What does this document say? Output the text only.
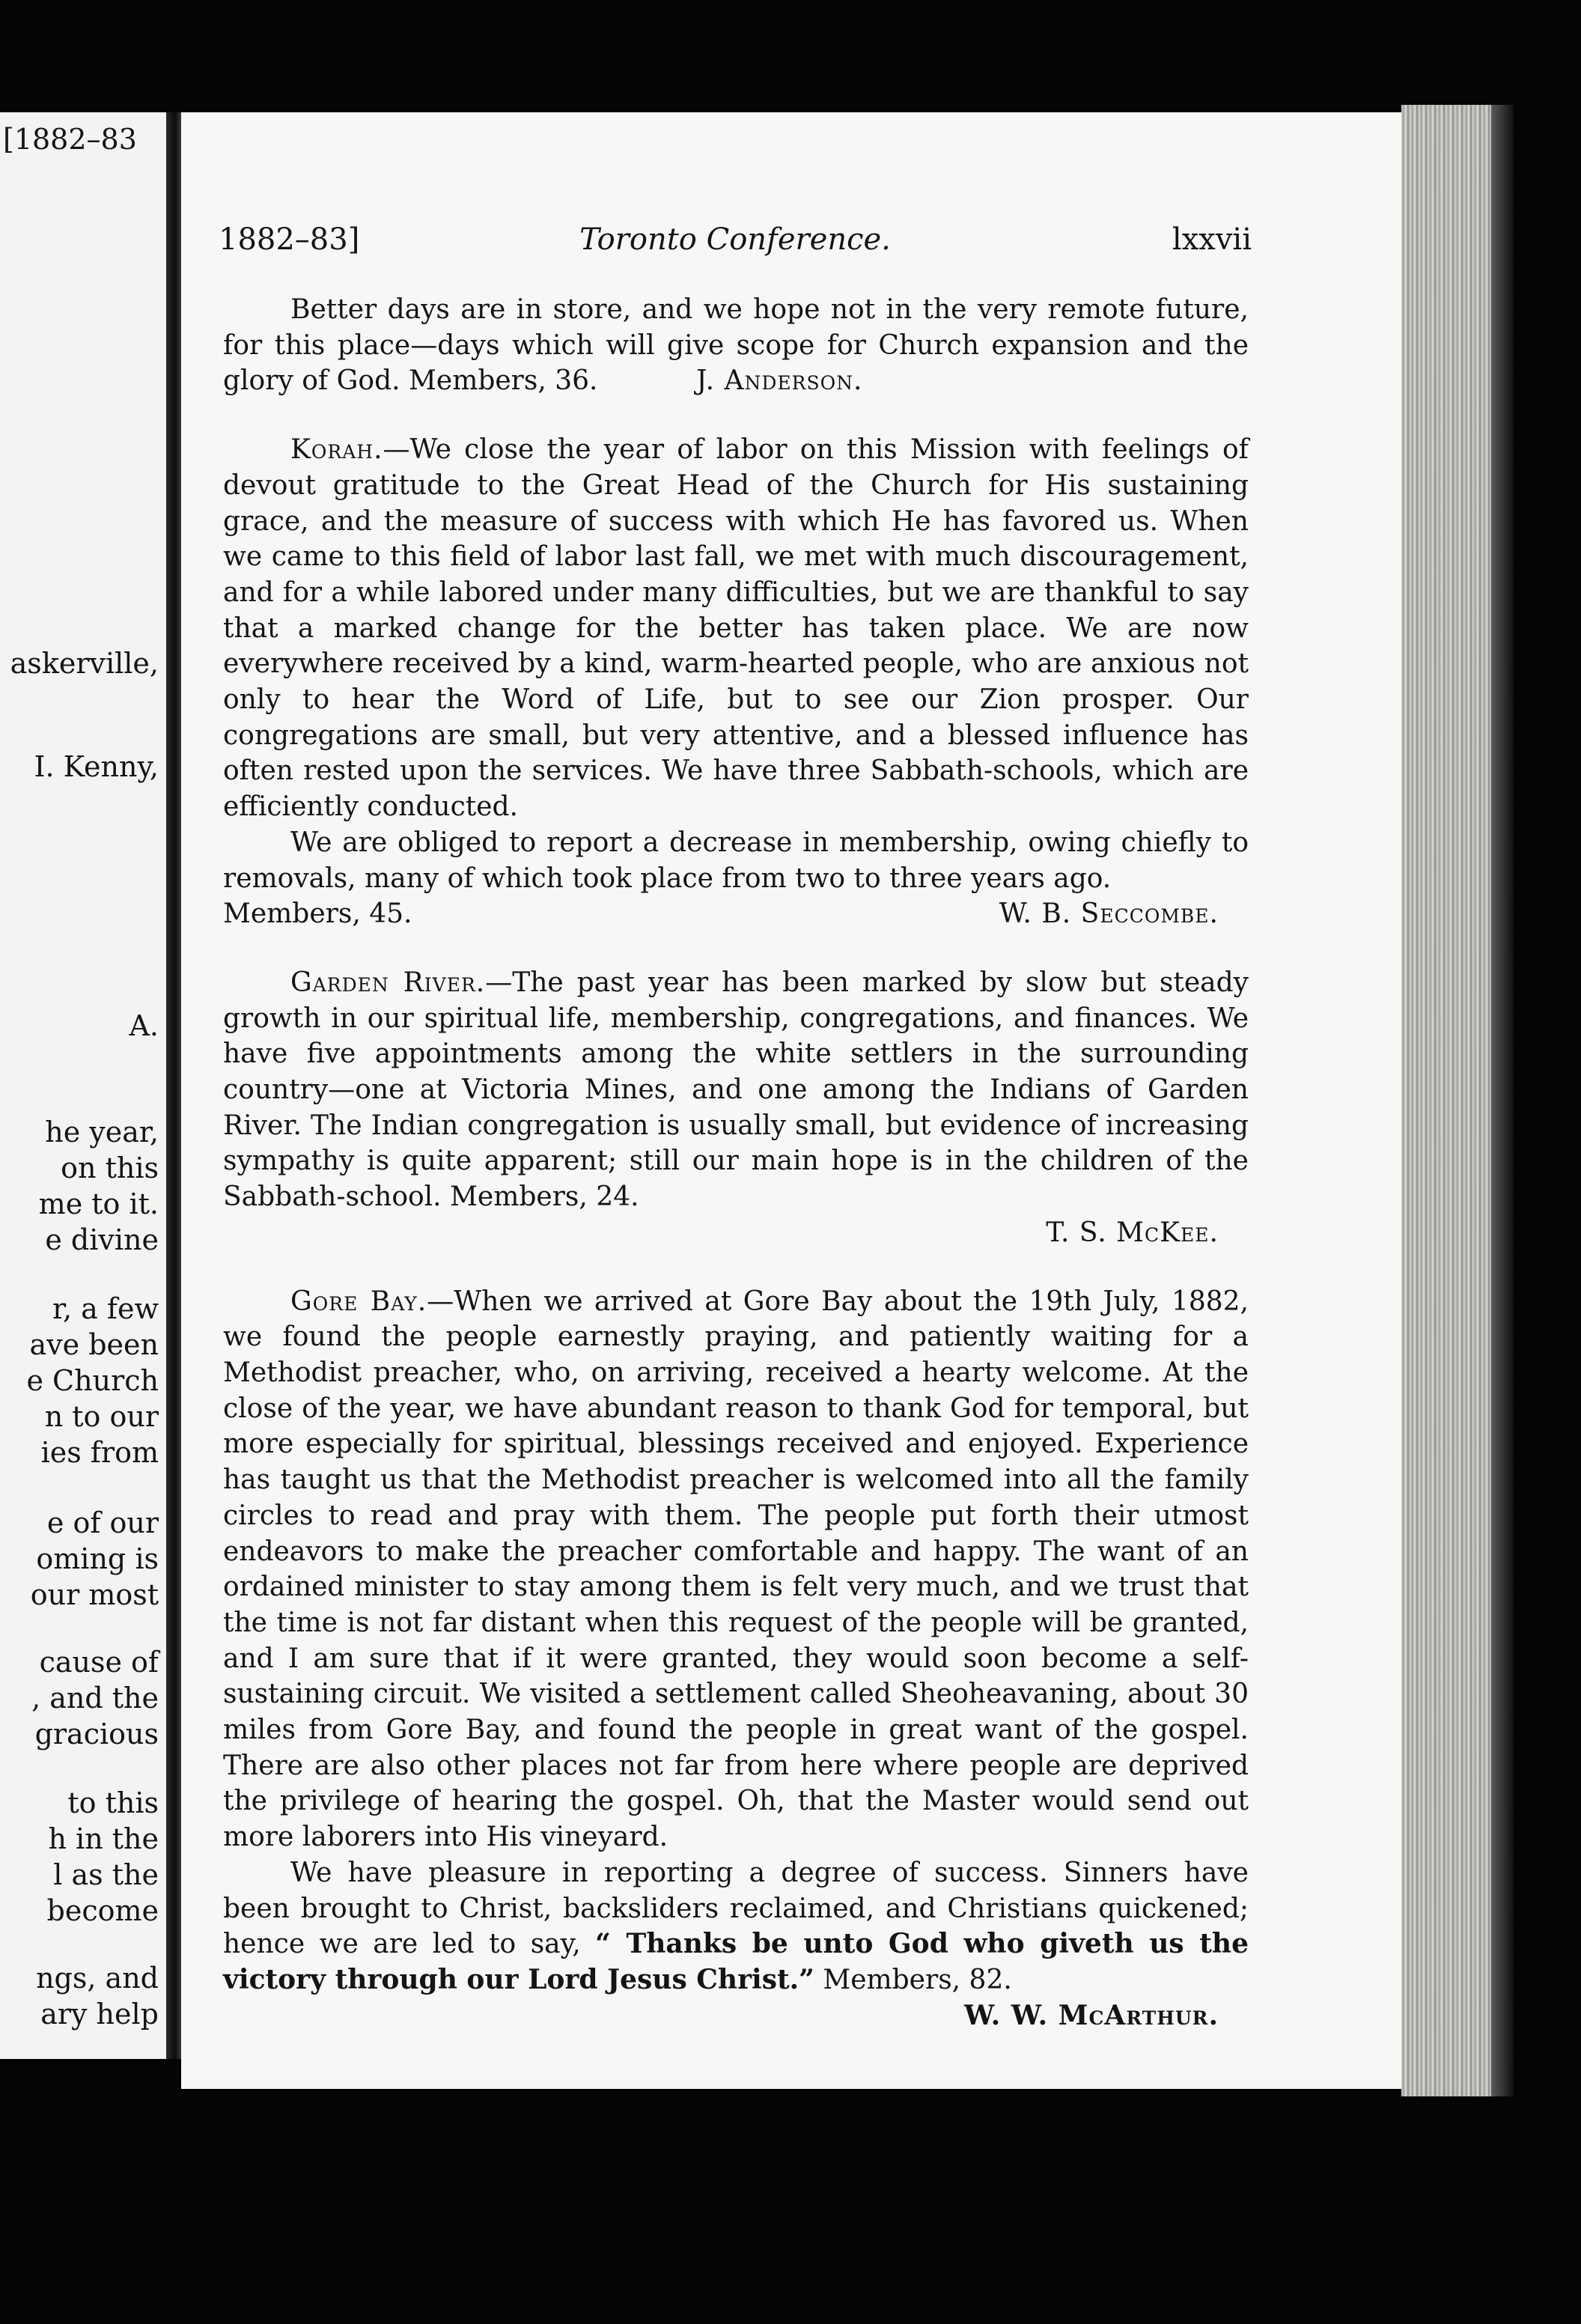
[1882–83
askerville,
I. Kenny,
A.
he year,
on this
me to it.
e divine
r, a few
ave been
e Church
n to our
ies from
e of our
oming is
our most
cause of
, and the
gracious
to this
h in the
l as the
become
ngs, and
ary help
1882–83]	Toronto Conference.	lxxvii

Better days are in store, and we hope not in the very remote future, for this place—days which will give scope for Church expansion and the glory of God. Members, 36.	J. Anderson.

Korah.—We close the year of labor on this Mission with feelings of devout gratitude to the Great Head of the Church for His sustaining grace, and the measure of success with which He has favored us. When we came to this field of labor last fall, we met with much discouragement, and for a while labored under many difficulties, but we are thankful to say that a marked change for the better has taken place. We are now everywhere received by a kind, warm-hearted people, who are anxious not only to hear the Word of Life, but to see our Zion prosper. Our congregations are small, but very attentive, and a blessed influence has often rested upon the services. We have three Sabbath-schools, which are efficiently conducted.

We are obliged to report a decrease in membership, owing chiefly to removals, many of which took place from two to three years ago.

Members, 45.	W. B. Seccombe.

Garden River.—The past year has been marked by slow but steady growth in our spiritual life, membership, congregations, and finances. We have five appointments among the white settlers in the surrounding country—one at Victoria Mines, and one among the Indians of Garden River. The Indian congregation is usually small, but evidence of increasing sympathy is quite apparent; still our main hope is in the children of the Sabbath-school. Members, 24.

T. S. McKee.

Gore Bay.—When we arrived at Gore Bay about the 19th July, 1882, we found the people earnestly praying, and patiently waiting for a Methodist preacher, who, on arriving, received a hearty welcome. At the close of the year, we have abundant reason to thank God for temporal, but more especially for spiritual, blessings received and enjoyed. Experience has taught us that the Methodist preacher is welcomed into all the family circles to read and pray with them. The people put forth their utmost endeavors to make the preacher comfortable and happy. The want of an ordained minister to stay among them is felt very much, and we trust that the time is not far distant when this request of the people will be granted, and I am sure that if it were granted, they would soon become a self-sustaining circuit. We visited a settlement called Sheoheavaning, about 30 miles from Gore Bay, and found the people in great want of the gospel. There are also other places not far from here where people are deprived the privilege of hearing the gospel. Oh, that the Master would send out more laborers into His vineyard.

We have pleasure in reporting a degree of success. Sinners have been brought to Christ, backsliders reclaimed, and Christians quickened; hence we are led to say, “ Thanks be unto God who giveth us the victory through our Lord Jesus Christ.” Members, 82.

W. W. McArthur.
